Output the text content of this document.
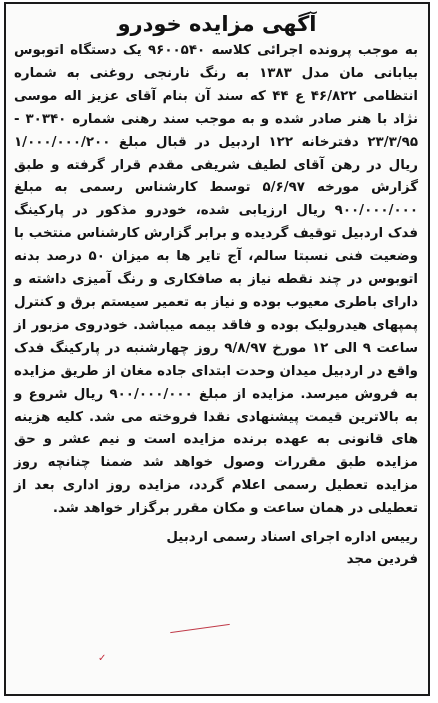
آگهی مزایده خودرو
به موجب پرونده اجرائی کلاسه ۹۶۰۰۵۴۰ یک دستگاه اتوبوس بیابانی مان مدل ۱۳۸۳ به رنگ نارنجی روغنی به شماره انتظامی ۴۶/۸۲۲ ع ۴۴ که سند آن بنام آقای عزیز اله موسی نژاد با هنر صادر شده و به موجب سند رهنی شماره ۳۰۳۴۰ - ۲۳/۳/۹۵ دفترخانه ۱۲۲ اردبیل در قبال مبلغ ۱/۰۰۰/۰۰۰/۲۰۰ ریال در رهن آقای لطیف شریفی مقدم قرار گرفته و طبق گزارش مورخه ۵/۶/۹۷ توسط کارشناس رسمی به مبلغ ۹۰۰/۰۰۰/۰۰۰ ریال ارزیابی شده، خودرو مذکور در پارکینگ فدک اردبیل توقیف گردیده و برابر گزارش کارشناس منتخب با وضعیت فنی نسبتا سالم، آج تایر ها به میزان ۵۰ درصد بدنه اتوبوس در چند نقطه نیاز به صافکاری و رنگ آمیزی داشته و دارای باطری معیوب بوده و نیاز به تعمیر سیستم برق و کنترل پمپهای هیدرولیک بوده و فاقد بیمه میباشد. خودروی مزبور از ساعت ۹ الی ۱۲ مورخ ۹/۸/۹۷ روز چهارشنبه در پارکینگ فدک واقع در اردبیل میدان وحدت ابتدای جاده مغان از طریق مزایده به فروش میرسد. مزایده از مبلغ ۹۰۰/۰۰۰/۰۰۰ ریال شروع و به بالاترین قیمت پیشنهادی نقدا فروخته می شد. کلیه هزینه های قانونی به عهده برنده مزایده است و نیم عشر و حق مزایده طبق مقررات وصول خواهد شد ضمنا چنانچه روز مزایده تعطیل رسمی اعلام گردد، مزایده روز اداری بعد از تعطیلی در همان ساعت و مکان مقرر برگزار خواهد شد.
رییس اداره اجرای اسناد رسمی اردبیل
فردین مجد
✓
